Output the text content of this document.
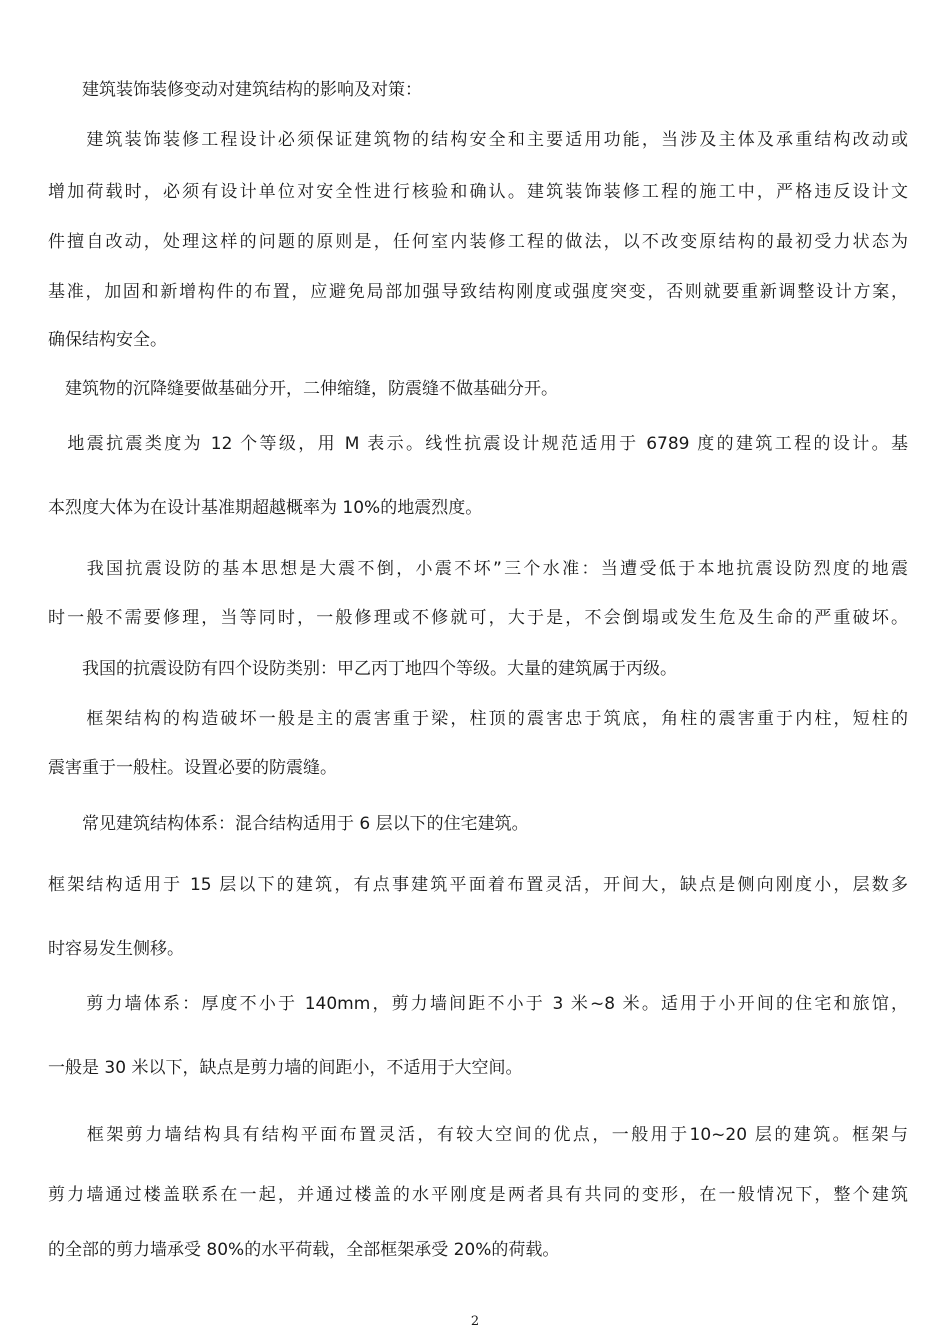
　　建筑装饰装修变动对建筑结构的影响及对策：
　　建筑装饰装修工程设计必须保证建筑物的结构安全和主要适用功能，当涉及主体及承重结构改动或
增加荷载时，必须有设计单位对安全性进行核验和确认。建筑装饰装修工程的施工中，严格违反设计文
件擅自改动，处理这样的问题的原则是，任何室内装修工程的做法，以不改变原结构的最初受力状态为
基准，加固和新增构件的布置，应避免局部加强导致结构刚度或强度突变，否则就要重新调整设计方案，
确保结构安全。
　建筑物的沉降缝要做基础分开，二伸缩缝，防震缝不做基础分开。
　地震抗震类度为 12 个等级，用 M 表示。线性抗震设计规范适用于 6789 度的建筑工程的设计。基
本烈度大体为在设计基准期超越概率为 10%的地震烈度。
　　我国抗震设防的基本思想是大震不倒，小震不坏”三个水准：当遭受低于本地抗震设防烈度的地震
时一般不需要修理，当等同时，一般修理或不修就可，大于是，不会倒塌或发生危及生命的严重破坏。
　　我国的抗震设防有四个设防类别：甲乙丙丁地四个等级。大量的建筑属于丙级。
　　框架结构的构造破坏一般是主的震害重于梁，柱顶的震害忠于筑底，角柱的震害重于内柱，短柱的
震害重于一般柱。设置必要的防震缝。
　　常见建筑结构体系：混合结构适用于 6 层以下的住宅建筑。
框架结构适用于 15 层以下的建筑，有点事建筑平面着布置灵活，开间大，缺点是侧向刚度小，层数多
时容易发生侧移。
　　剪力墙体系：厚度不小于 140mm，剪力墙间距不小于 3 米~8 米。适用于小开间的住宅和旅馆，
一般是 30 米以下，缺点是剪力墙的间距小，不适用于大空间。
　　框架剪力墙结构具有结构平面布置灵活，有较大空间的优点，一般用于10~20 层的建筑。框架与
剪力墙通过楼盖联系在一起，并通过楼盖的水平刚度是两者具有共同的变形，在一般情况下，整个建筑
的全部的剪力墙承受 80%的水平荷载，全部框架承受 20%的荷载。
2
